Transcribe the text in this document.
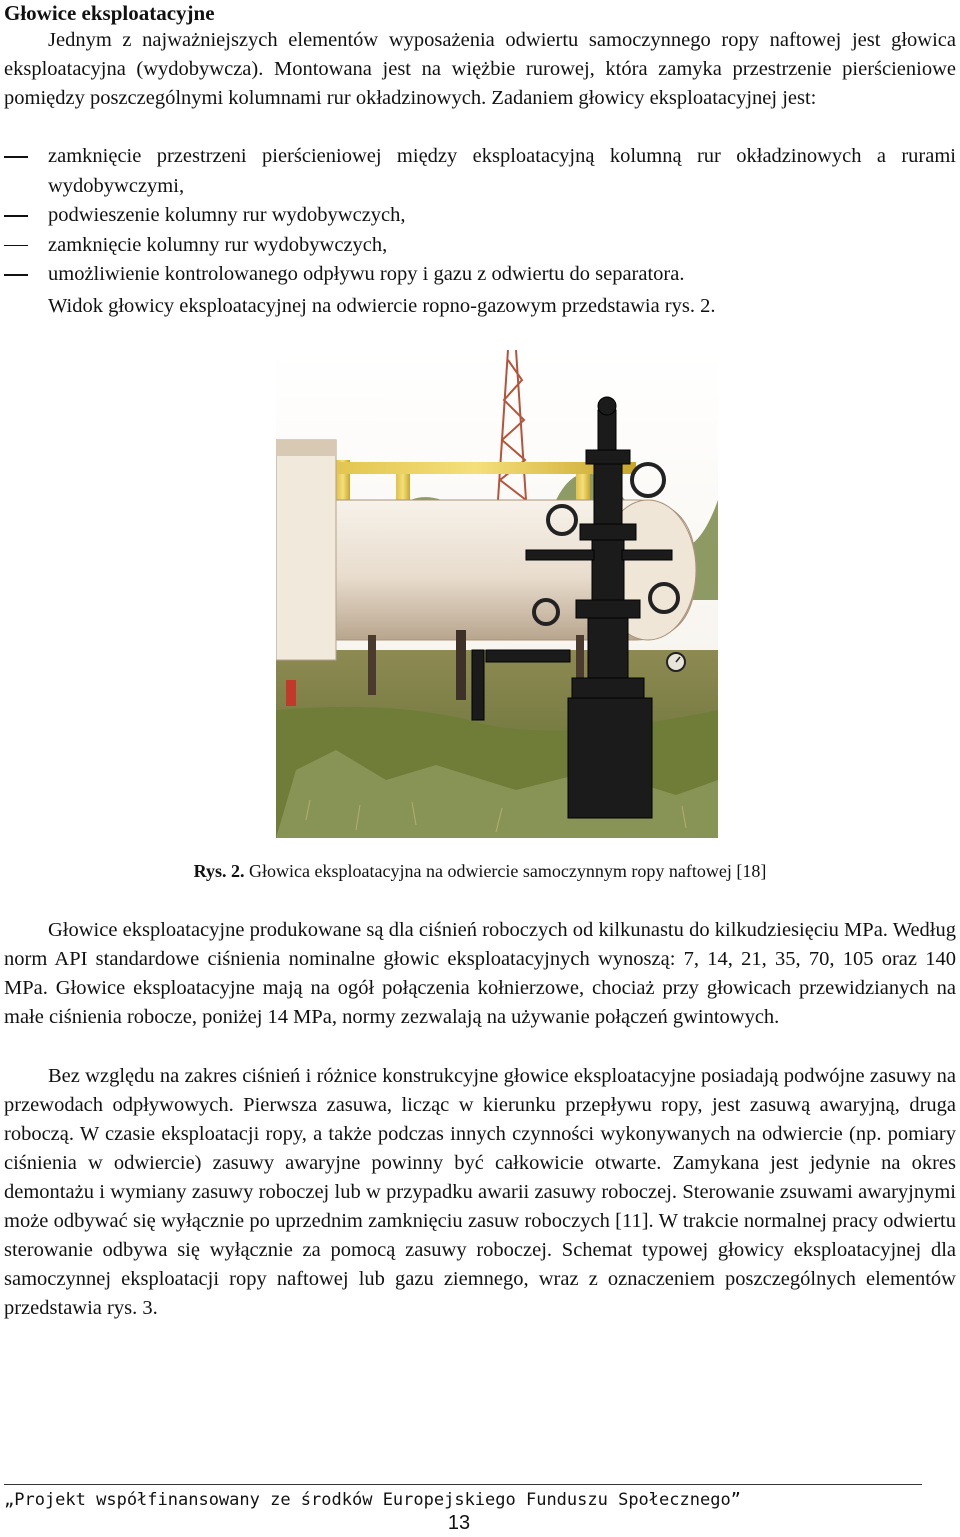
Głowice eksploatacyjne

Jednym z najważniejszych elementów wyposażenia odwiertu samoczynnego ropy naftowej jest głowica eksploatacyjna (wydobywcza). Montowana jest na więżbie rurowej, która zamyka przestrzenie pierścieniowe pomiędzy poszczególnymi kolumnami rur okładzinowych. Zadaniem głowicy eksploatacyjnej jest:

zamknięcie przestrzeni pierścieniowej między eksploatacyjną kolumną rur okładzinowych a rurami wydobywczymi,
podwieszenie kolumny rur wydobywczych,
zamknięcie kolumny rur wydobywczych,
umożliwienie kontrolowanego odpływu ropy i gazu z odwiertu do separatora.
Widok głowicy eksploatacyjnej na odwiercie ropno-gazowym przedstawia rys. 2.
Rys. 2. Głowica eksploatacyjna na odwiercie samoczynnym ropy naftowej [18]

Głowice eksploatacyjne produkowane są dla ciśnień roboczych od kilkunastu do kilkudziesięciu MPa. Według norm API standardowe ciśnienia nominalne głowic eksploatacyjnych wynoszą: 7, 14, 21, 35, 70, 105 oraz 140 MPa. Głowice eksploatacyjne mają na ogół połączenia kołnierzowe, chociaż przy głowicach przewidzianych na małe ciśnienia robocze, poniżej 14 MPa, normy zezwalają na używanie połączeń gwintowych.

Bez względu na zakres ciśnień i różnice konstrukcyjne głowice eksploatacyjne posiadają podwójne zasuwy na przewodach odpływowych. Pierwsza zasuwa, licząc w kierunku przepływu ropy, jest zasuwą awaryjną, druga roboczą. W czasie eksploatacji ropy, a także podczas innych czynności wykonywanych na odwiercie (np. pomiary ciśnienia w odwiercie) zasuwy awaryjne powinny być całkowicie otwarte. Zamykana jest jedynie na okres demontażu i wymiany zasuwy roboczej lub w przypadku awarii zasuwy roboczej. Sterowanie zsuwami awaryjnymi może odbywać się wyłącznie po uprzednim zamknięciu zasuw roboczych [11]. W trakcie normalnej pracy odwiertu sterowanie odbywa się wyłącznie za pomocą zasuwy roboczej. Schemat typowej głowicy eksploatacyjnej dla samoczynnej eksploatacji ropy naftowej lub gazu ziemnego, wraz z oznaczeniem poszczególnych elementów przedstawia rys. 3.

„Projekt współfinansowany ze środków Europejskiego Funduszu Społecznego”
13
